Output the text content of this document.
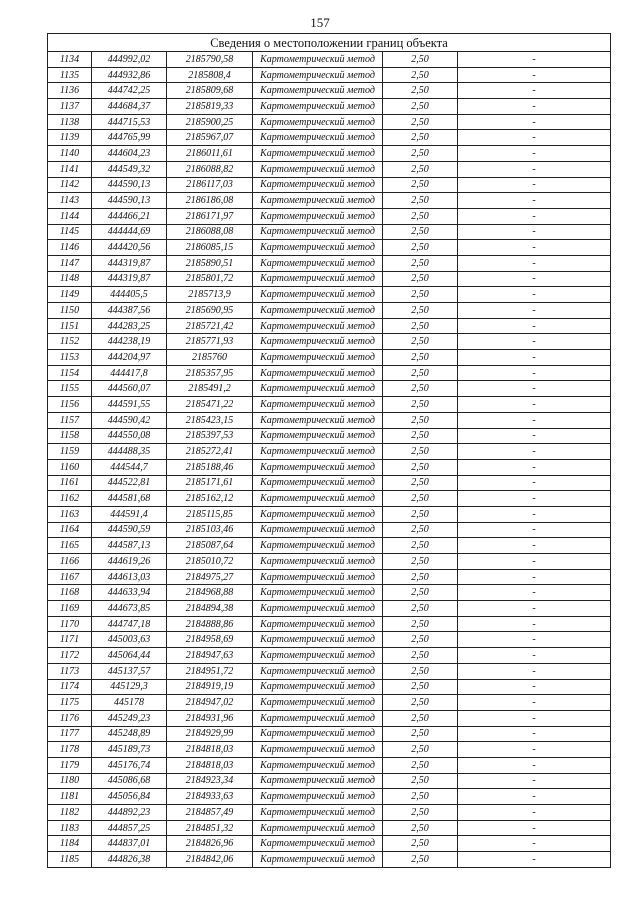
157
Сведения о местоположении границ объекта					
1134	444992,02	2185790,58	Картометрический метод	2,50	-
1135	444932,86	2185808,4	Картометрический метод	2,50	-
1136	444742,25	2185809,68	Картометрический метод	2,50	-
1137	444684,37	2185819,33	Картометрический метод	2,50	-
1138	444715,53	2185900,25	Картометрический метод	2,50	-
1139	444765,99	2185967,07	Картометрический метод	2,50	-
1140	444604,23	2186011,61	Картометрический метод	2,50	-
1141	444549,32	2186088,82	Картометрический метод	2,50	-
1142	444590,13	2186117,03	Картометрический метод	2,50	-
1143	444590,13	2186186,08	Картометрический метод	2,50	-
1144	444466,21	2186171,97	Картометрический метод	2,50	-
1145	444444,69	2186088,08	Картометрический метод	2,50	-
1146	444420,56	2186085,15	Картометрический метод	2,50	-
1147	444319,87	2185890,51	Картометрический метод	2,50	-
1148	444319,87	2185801,72	Картометрический метод	2,50	-
1149	444405,5	2185713,9	Картометрический метод	2,50	-
1150	444387,56	2185690,95	Картометрический метод	2,50	-
1151	444283,25	2185721,42	Картометрический метод	2,50	-
1152	444238,19	2185771,93	Картометрический метод	2,50	-
1153	444204,97	2185760	Картометрический метод	2,50	-
1154	444417,8	2185357,95	Картометрический метод	2,50	-
1155	444560,07	2185491,2	Картометрический метод	2,50	-
1156	444591,55	2185471,22	Картометрический метод	2,50	-
1157	444590,42	2185423,15	Картометрический метод	2,50	-
1158	444550,08	2185397,53	Картометрический метод	2,50	-
1159	444488,35	2185272,41	Картометрический метод	2,50	-
1160	444544,7	2185188,46	Картометрический метод	2,50	-
1161	444522,81	2185171,61	Картометрический метод	2,50	-
1162	444581,68	2185162,12	Картометрический метод	2,50	-
1163	444591,4	2185115,85	Картометрический метод	2,50	-
1164	444590,59	2185103,46	Картометрический метод	2,50	-
1165	444587,13	2185087,64	Картометрический метод	2,50	-
1166	444619,26	2185010,72	Картометрический метод	2,50	-
1167	444613,03	2184975,27	Картометрический метод	2,50	-
1168	444633,94	2184968,88	Картометрический метод	2,50	-
1169	444673,85	2184894,38	Картометрический метод	2,50	-
1170	444747,18	2184888,86	Картометрический метод	2,50	-
1171	445003,63	2184958,69	Картометрический метод	2,50	-
1172	445064,44	2184947,63	Картометрический метод	2,50	-
1173	445137,57	2184951,72	Картометрический метод	2,50	-
1174	445129,3	2184919,19	Картометрический метод	2,50	-
1175	445178	2184947,02	Картометрический метод	2,50	-
1176	445249,23	2184931,96	Картометрический метод	2,50	-
1177	445248,89	2184929,99	Картометрический метод	2,50	-
1178	445189,73	2184818,03	Картометрический метод	2,50	-
1179	445176,74	2184818,03	Картометрический метод	2,50	-
1180	445086,68	2184923,34	Картометрический метод	2,50	-
1181	445056,84	2184933,63	Картометрический метод	2,50	-
1182	444892,23	2184857,49	Картометрический метод	2,50	-
1183	444857,25	2184851,32	Картометрический метод	2,50	-
1184	444837,01	2184826,96	Картометрический метод	2,50	-
1185	444826,38	2184842,06	Картометрический метод	2,50	-
